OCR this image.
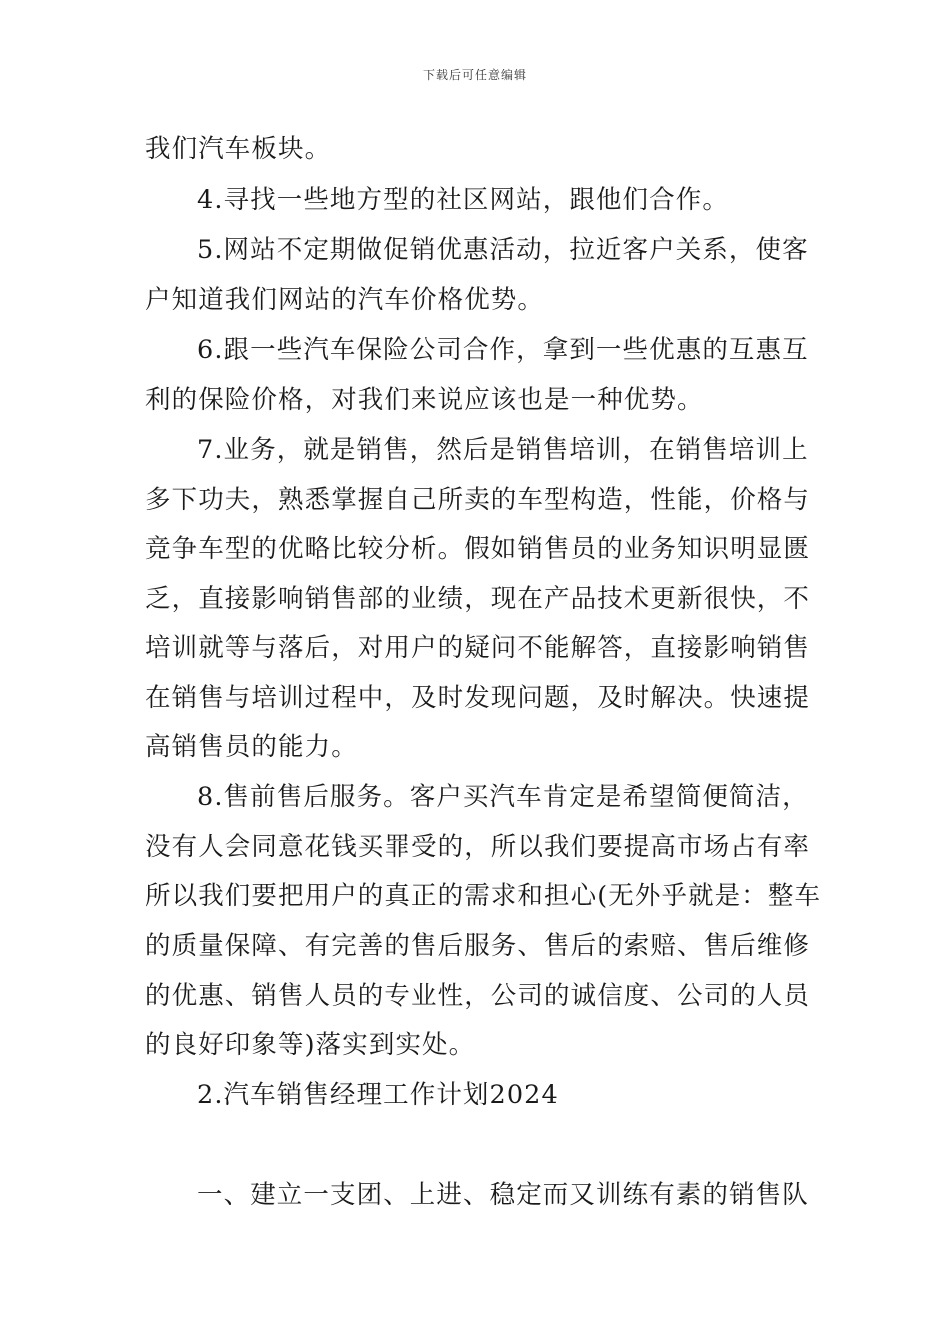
下载后可任意编辑
我们汽车板块。
4.寻找一些地方型的社区网站，跟他们合作。
5.网站不定期做促销优惠活动，拉近客户关系，使客
户知道我们网站的汽车价格优势。
6.跟一些汽车保险公司合作，拿到一些优惠的互惠互
利的保险价格，对我们来说应该也是一种优势。
7.业务，就是销售，然后是销售培训，在销售培训上
多下功夫，熟悉掌握自己所卖的车型构造，性能，价格与
竞争车型的优略比较分析。假如销售员的业务知识明显匮
乏，直接影响销售部的业绩，现在产品技术更新很快，不
培训就等与落后，对用户的疑问不能解答，直接影响销售
在销售与培训过程中，及时发现问题，及时解决。快速提
高销售员的能力。
8.售前售后服务。客户买汽车肯定是希望简便简洁，
没有人会同意花钱买罪受的，所以我们要提高市场占有率
所以我们要把用户的真正的需求和担心(无外乎就是：整车
的质量保障、有完善的售后服务、售后的索赔、售后维修
的优惠、销售人员的专业性，公司的诚信度、公司的人员
的良好印象等)落实到实处。
2.汽车销售经理工作计划2024
一、建立一支团、上进、稳定而又训练有素的销售队
